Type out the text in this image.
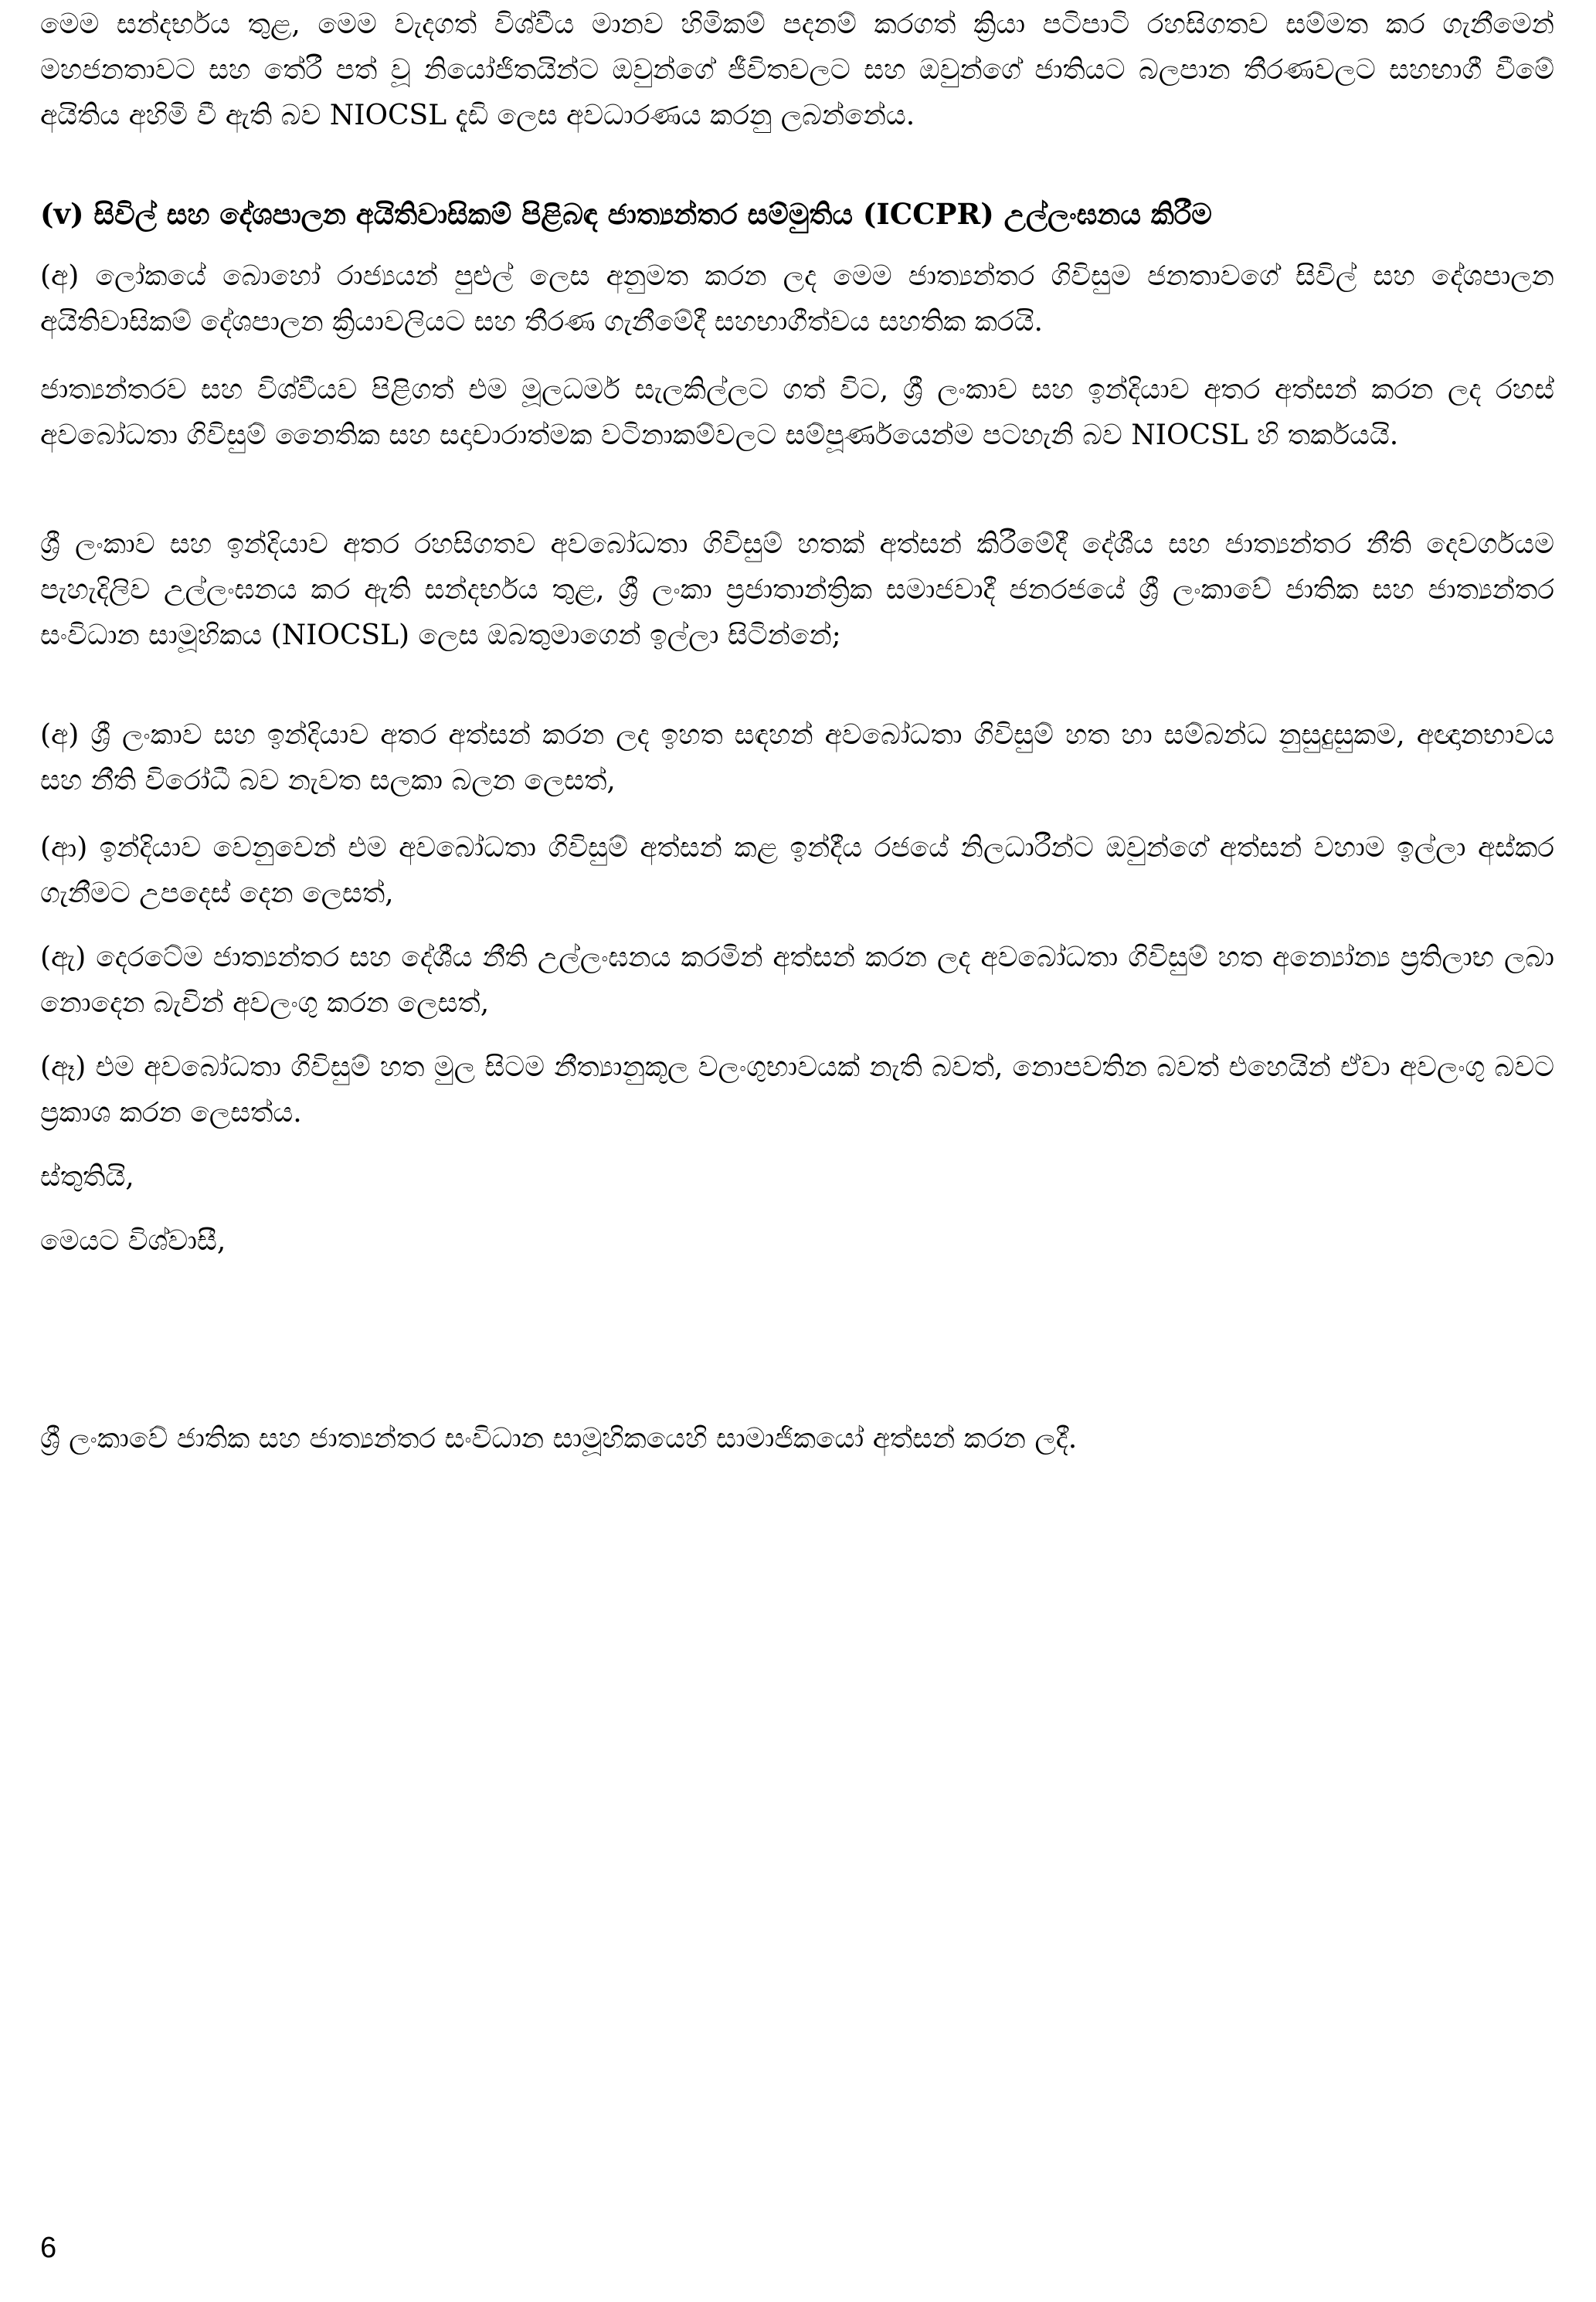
මෙම සන්දර්භය තුළ, මෙම වැදගත් විශ්වීය මානව හිමිකම් පදනම් කරගත් ක්‍රියා පටිපාටි රහසිගතව සම්මත කර ගැනීමෙන් මහජනතාවට සහ තේරී පත් වූ නියෝජිතයින්ට ඔවුන්ගේ ජීවිතවලට සහ ඔවුන්ගේ ජාතියට බලපාන තීරණවලට සහභාගී වීමේ අයිතිය අහිමි වී ඇති බව NIOCSL දැඩි ලෙස අවධාරණය කරනු ලබන්නේය.

(v) සිවිල් සහ දේශපාලන අයිතිවාසිකම් පිළිබඳ ජාත්‍යන්තර සම්මුතිය (ICCPR) උල්ලංඝනය කිරීම

(අ) ලෝකයේ බොහෝ රාජ්‍යයන් පුළුල් ලෙස අනුමත කරන ලද මෙම ජාත්‍යන්තර ගිවිසුම ජනතාවගේ සිවිල් සහ දේශපාලන අයිතිවාසිකම් දේශපාලන ක්‍රියාවලියට සහ තීරණ ගැනීමේදී සහභාගීත්වය සහතික කරයි.

ජාත්‍යන්තරව සහ විශ්වීයව පිළිගත් එම මූලධර්ම සැලකිල්ලට ගත් විට, ශ්‍රී ලංකාව සහ ඉන්දියාව අතර අත්සන් කරන ලද රහස් අවබෝධතා ගිවිසුම් නෛතික සහ සදාචාරාත්මක වටිනාකම්වලට සම්පූර්ණයෙන්ම පටහැනි බව NIOCSL හි තර්කයයි.

ශ්‍රී ලංකාව සහ ඉන්දියාව අතර රහසිගතව අවබෝධතා ගිවිසුම් හතක් අත්සන් කිරීමේදී දේශීය සහ ජාත්‍යන්තර නීති දෙවර්ගයම පැහැදිලිව උල්ලංඝනය කර ඇති සන්දර්භය තුළ, ශ්‍රී ලංකා ප්‍රජාතාන්ත්‍රික සමාජවාදී ජනරජයේ ශ්‍රී ලංකාවේ ජාතික සහ ජාත්‍යන්තර සංවිධාන සාමූහිකය (NIOCSL) ලෙස ඔබතුමාගෙන් ඉල්ලා සිටින්නේ;

(අ) ශ්‍රී ලංකාව සහ ඉන්දියාව අතර අත්සන් කරන ලද ඉහත සඳහන් අවබෝධතා ගිවිසුම් හත හා සම්බන්ධ නුසුදුසුකම, අඥානභාවය සහ නීති විරෝධී බව නැවත සලකා බලන ලෙසත්,

(ආ) ඉන්දියාව වෙනුවෙන් එම අවබෝධතා ගිවිසුම් අත්සන් කළ ඉන්දීය රජයේ නිලධාරීන්ට ඔවුන්ගේ අත්සන් වහාම ඉල්ලා අස්කර ගැනීමට උපදෙස් දෙන ලෙසත්,

(ඇ) දෙරටේම ජාත්‍යන්තර සහ දේශීය නීති උල්ලංඝනය කරමින් අත්සන් කරන ලද අවබෝධතා ගිවිසුම් හත අන්‍යෝන්‍ය ප්‍රතිලාභ ලබා නොදෙන බැවින් අවලංගු කරන ලෙසත්,

(ඈ) එම අවබෝධතා ගිවිසුම් හත මුල සිටම නීත්‍යානුකූල වලංගුභාවයක් නැති බවත්, නොපවතින බවත් එහෙයින් ඒවා අවලංගු බවට ප්‍රකාශ කරන ලෙසත්ය.

ස්තුතියි,

මෙයට විශ්වාසී,

ශ්‍රී ලංකාවේ ජාතික සහ ජාත්‍යන්තර සංවිධාන සාමූහිකයෙහි සාමාජිකයෝ අත්සන් කරන ලදී.

6
